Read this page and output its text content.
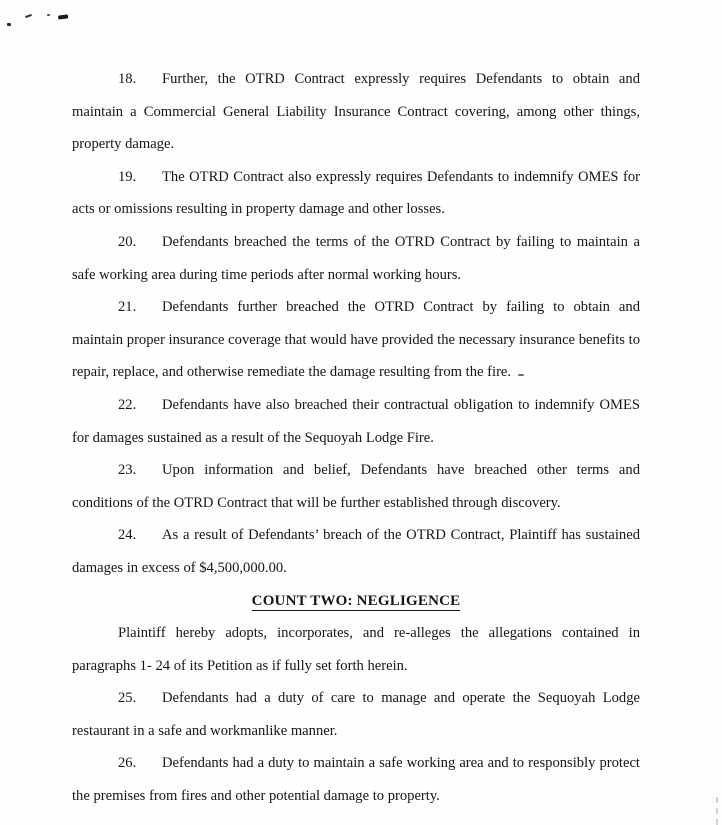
18. Further, the OTRD Contract expressly requires Defendants to obtain and maintain a Commercial General Liability Insurance Contract covering, among other things, property damage.

19. The OTRD Contract also expressly requires Defendants to indemnify OMES for acts or omissions resulting in property damage and other losses.

20. Defendants breached the terms of the OTRD Contract by failing to maintain a safe working area during time periods after normal working hours.

21. Defendants further breached the OTRD Contract by failing to obtain and maintain proper insurance coverage that would have provided the necessary insurance benefits to repair, replace, and otherwise remediate the damage resulting from the fire.

22. Defendants have also breached their contractual obligation to indemnify OMES for damages sustained as a result of the Sequoyah Lodge Fire.

23. Upon information and belief, Defendants have breached other terms and conditions of the OTRD Contract that will be further established through discovery.

24. As a result of Defendants’ breach of the OTRD Contract, Plaintiff has sustained damages in excess of $4,500,000.00.

COUNT TWO: NEGLIGENCE

Plaintiff hereby adopts, incorporates, and re-alleges the allegations contained in paragraphs 1- 24 of its Petition as if fully set forth herein.

25. Defendants had a duty of care to manage and operate the Sequoyah Lodge restaurant in a safe and workmanlike manner.

26. Defendants had a duty to maintain a safe working area and to responsibly protect the premises from fires and other potential damage to property.
